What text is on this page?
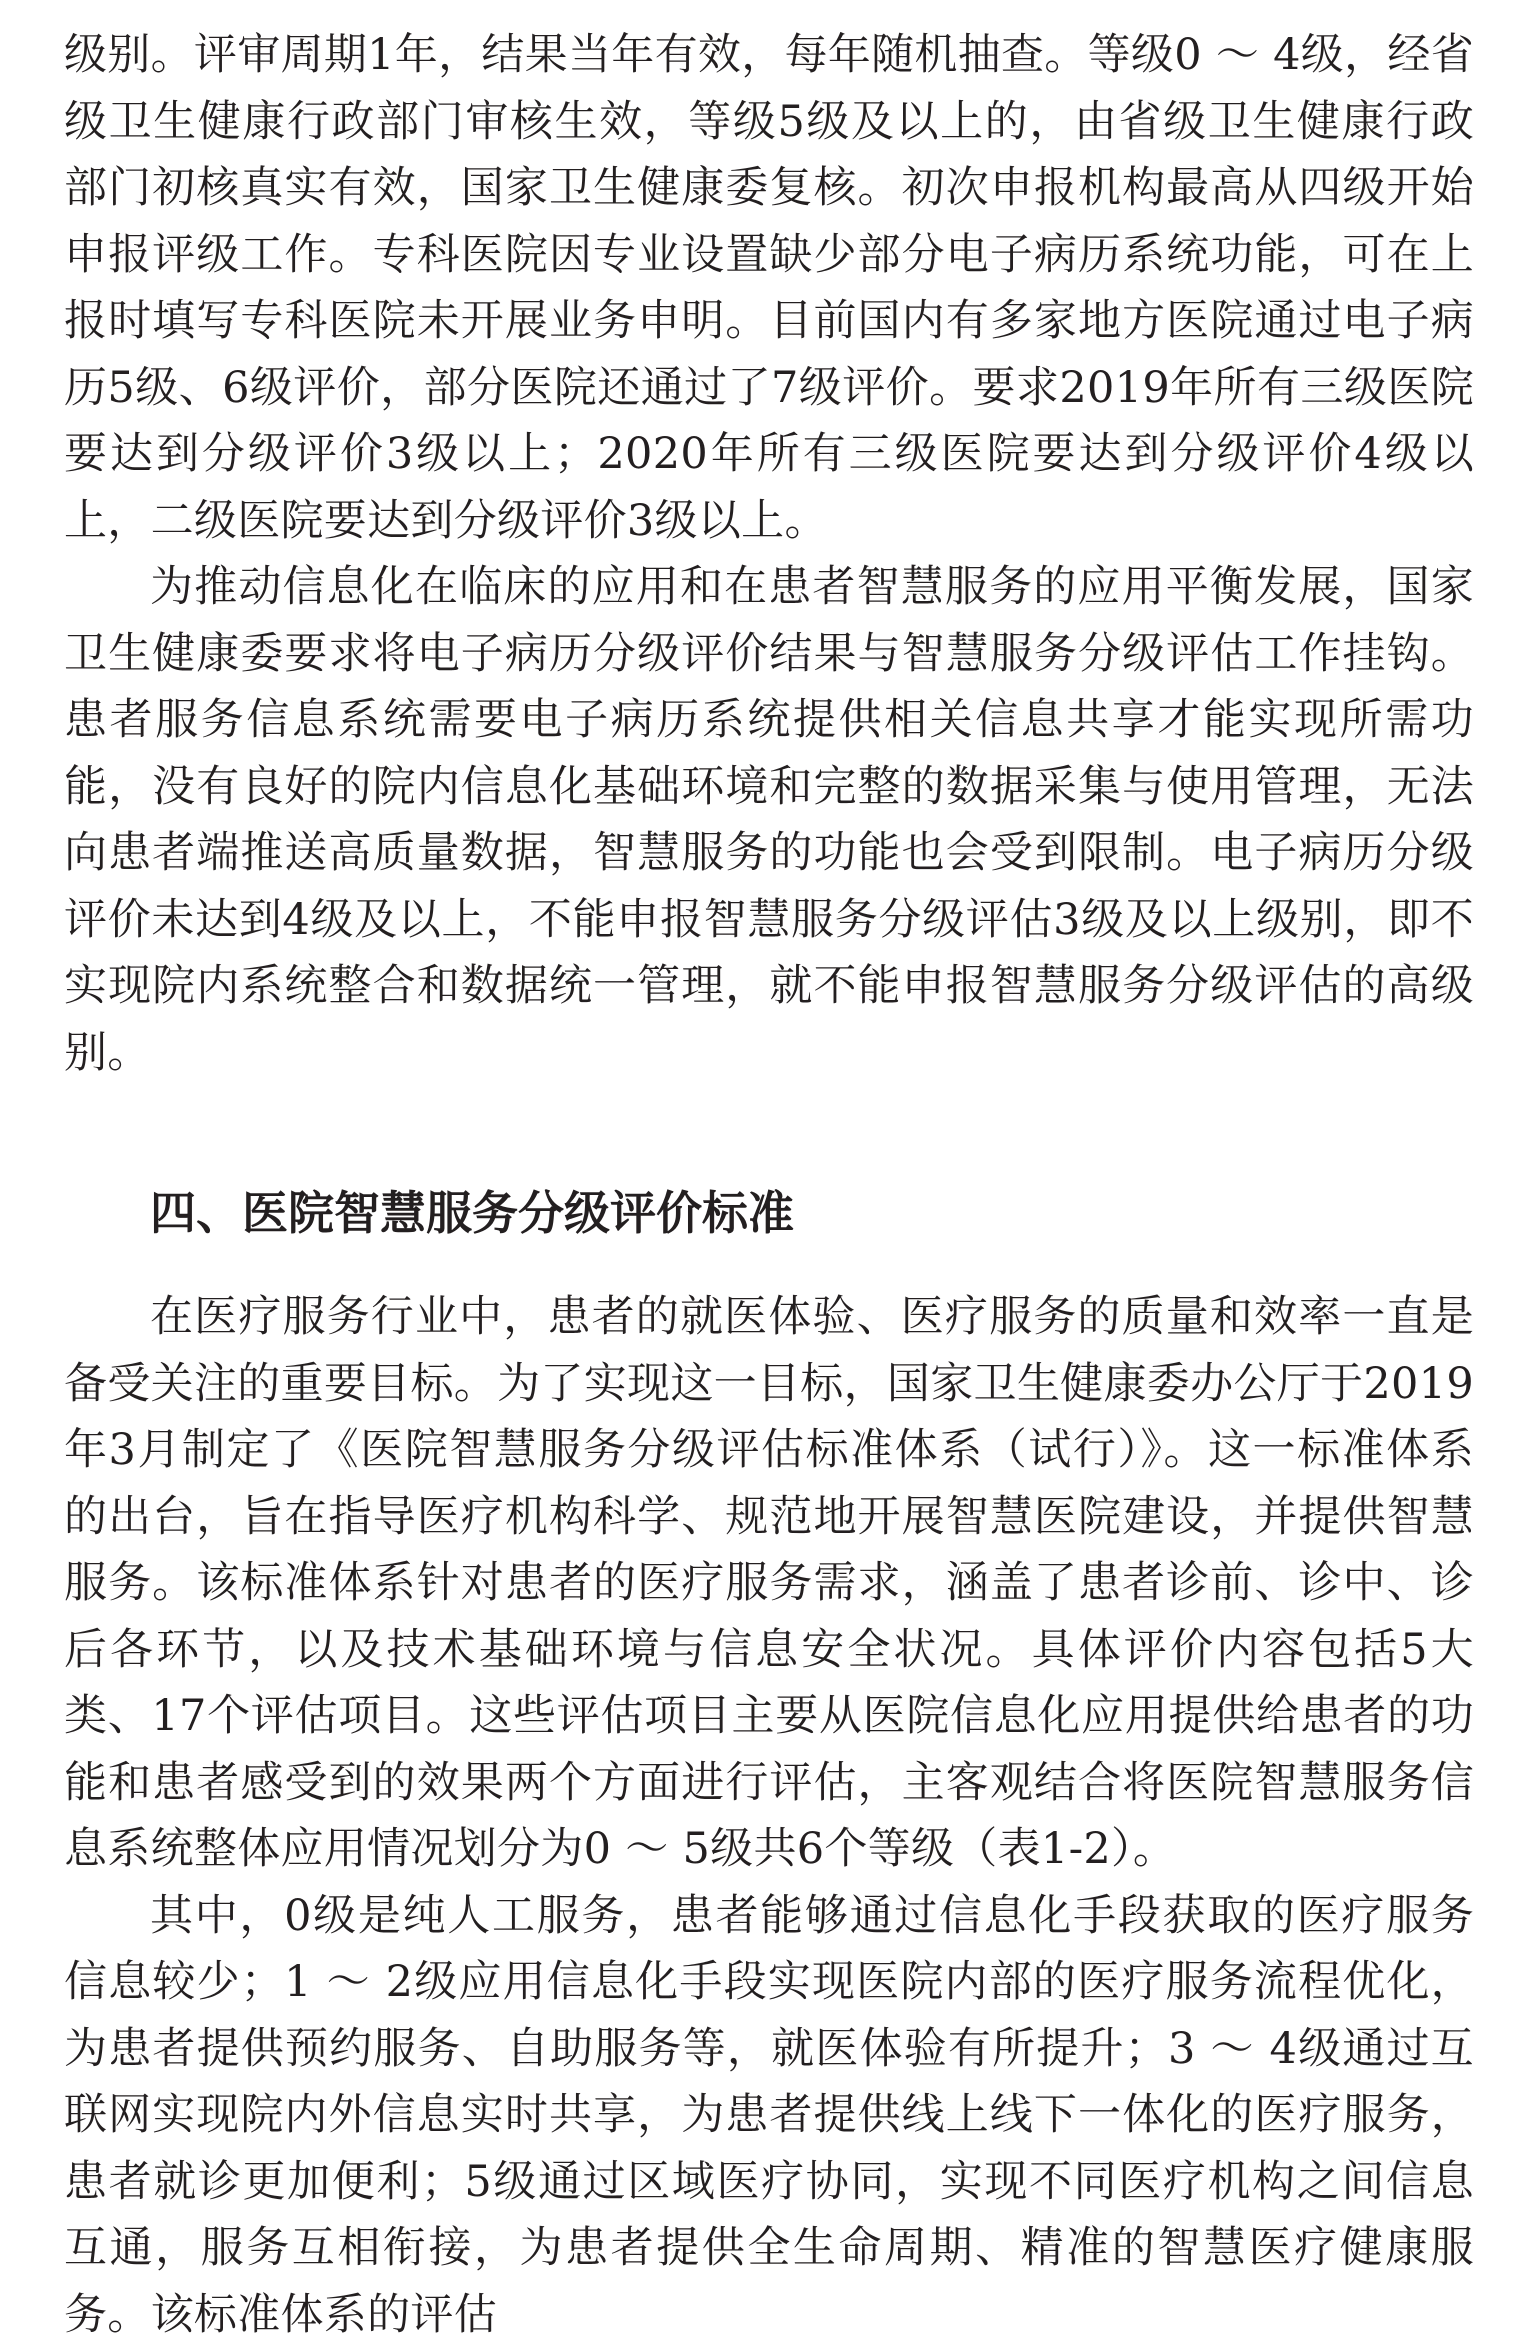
级别。评审周期1年，结果当年有效，每年随机抽查。等级0 ～ 4级，经省级卫生健康行政部门审核生效，等级5级及以上的，由省级卫生健康行政部门初核真实有效，国家卫生健康委复核。初次申报机构最高从四级开始申报评级工作。专科医院因专业设置缺少部分电子病历系统功能，可在上报时填写专科医院未开展业务申明。目前国内有多家地方医院通过电子病历5级、6级评价，部分医院还通过了7级评价。要求2019年所有三级医院要达到分级评价3级以上；2020年所有三级医院要达到分级评价4级以上，二级医院要达到分级评价3级以上。

为推动信息化在临床的应用和在患者智慧服务的应用平衡发展，国家卫生健康委要求将电子病历分级评价结果与智慧服务分级评估工作挂钩。患者服务信息系统需要电子病历系统提供相关信息共享才能实现所需功能，没有良好的院内信息化基础环境和完整的数据采集与使用管理，无法向患者端推送高质量数据，智慧服务的功能也会受到限制。电子病历分级评价未达到4级及以上，不能申报智慧服务分级评估3级及以上级别，即不实现院内系统整合和数据统一管理，就不能申报智慧服务分级评估的高级别。

四、医院智慧服务分级评价标准

在医疗服务行业中，患者的就医体验、医疗服务的质量和效率一直是备受关注的重要目标。为了实现这一目标，国家卫生健康委办公厅于2019年3月制定了《医院智慧服务分级评估标准体系（试行）》。这一标准体系的出台，旨在指导医疗机构科学、规范地开展智慧医院建设，并提供智慧服务。该标准体系针对患者的医疗服务需求，涵盖了患者诊前、诊中、诊后各环节，以及技术基础环境与信息安全状况。具体评价内容包括5大类、17个评估项目。这些评估项目主要从医院信息化应用提供给患者的功能和患者感受到的效果两个方面进行评估，主客观结合将医院智慧服务信息系统整体应用情况划分为0 ～ 5级共6个等级（表1-2）。

其中，0级是纯人工服务，患者能够通过信息化手段获取的医疗服务信息较少；1 ～ 2级应用信息化手段实现医院内部的医疗服务流程优化，为患者提供预约服务、自助服务等，就医体验有所提升；3 ～ 4级通过互联网实现院内外信息实时共享，为患者提供线上线下一体化的医疗服务，患者就诊更加便利；5级通过区域医疗协同，实现不同医疗机构之间信息互通，服务互相衔接，为患者提供全生命周期、精准的智慧医疗健康服务。该标准体系的评估
